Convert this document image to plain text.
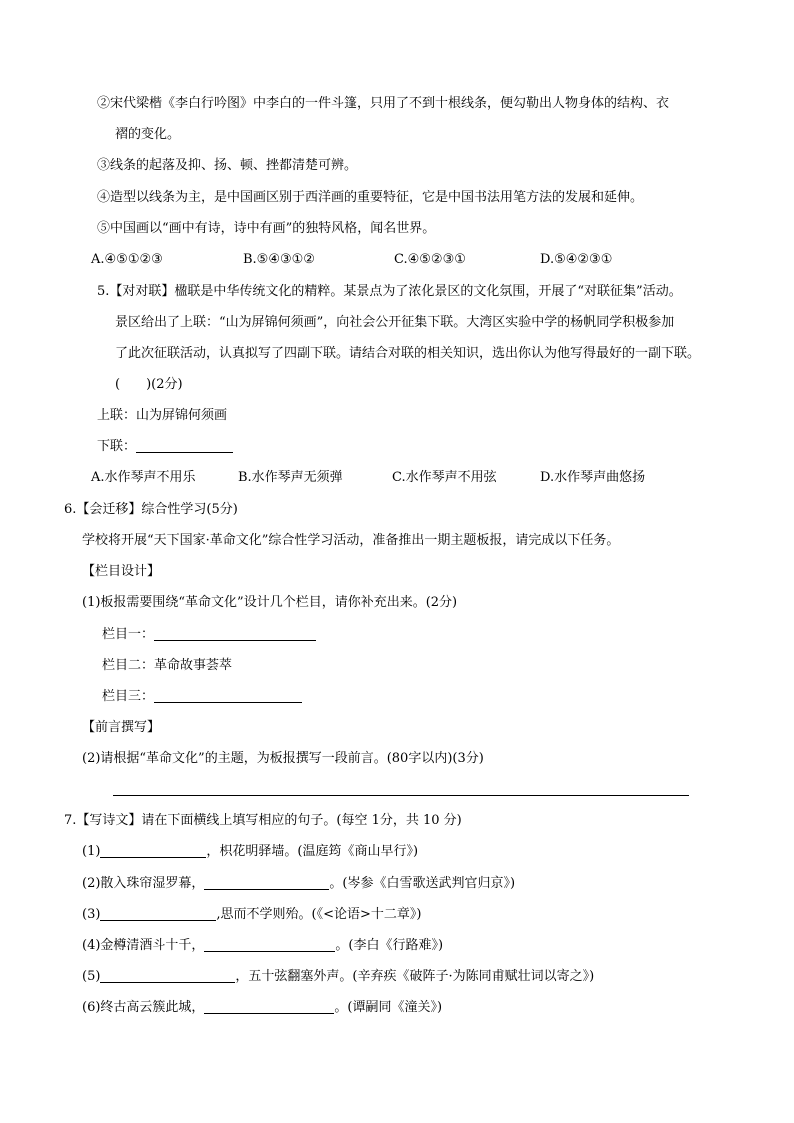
②宋代梁楷《李白行吟图》中李白的一件斗篷，只用了不到十根线条，便勾勒出人物身体的结构、衣
褶的变化。
③线条的起落及抑、扬、顿、挫都清楚可辨。
④造型以线条为主，是中国画区别于西洋画的重要特征，它是中国书法用笔方法的发展和延伸。
⑤中国画以“画中有诗，诗中有画”的独特风格，闻名世界。
A.④⑤①②③	B.⑤④③①②	C.④⑤②③①	D.⑤④②③①
5.【对对联】楹联是中华传统文化的精粹。某景点为了浓化景区的文化氛围，开展了“对联征集”活动。
景区给出了上联：“山为屏锦何须画”，向社会公开征集下联。大湾区实验中学的杨帆同学积极参加
了此次征联活动，认真拟写了四副下联。请结合对联的相关知识，选出你认为他写得最好的一副下联。
(　　)(2分)
上联：山为屏锦何须画
下联：
A.水作琴声不用乐	B.水作琴声无须弹	C.水作琴声不用弦	D.水作琴声曲悠扬
6.【会迁移】综合性学习(5分)
学校将开展“天下国家·革命文化”综合性学习活动，准备推出一期主题板报，请完成以下任务。
【栏目设计】
(1)板报需要围绕“革命文化”设计几个栏目，请你补充出来。(2分)
栏目一：
栏目二：革命故事荟萃
栏目三：
【前言撰写】
(2)请根据“革命文化”的主题，为板报撰写一段前言。(80字以内)(3分)
7.【写诗文】请在下面横线上填写相应的句子。(每空 1分，共 10 分)
(1)	，枳花明驿墙。(温庭筠《商山早行》)
(2)散入珠帘湿罗幕，	。(岑参《白雪歌送武判官归京》)
(3)	,思而不学则殆。(《<论语>十二章》)
(4)金樽清酒斗十千，	。(李白《行路难》)
(5)	，五十弦翻塞外声。(辛弃疾《破阵子·为陈同甫赋壮词以寄之》)
(6)终古高云簇此城，	。(谭嗣同《潼关》)
